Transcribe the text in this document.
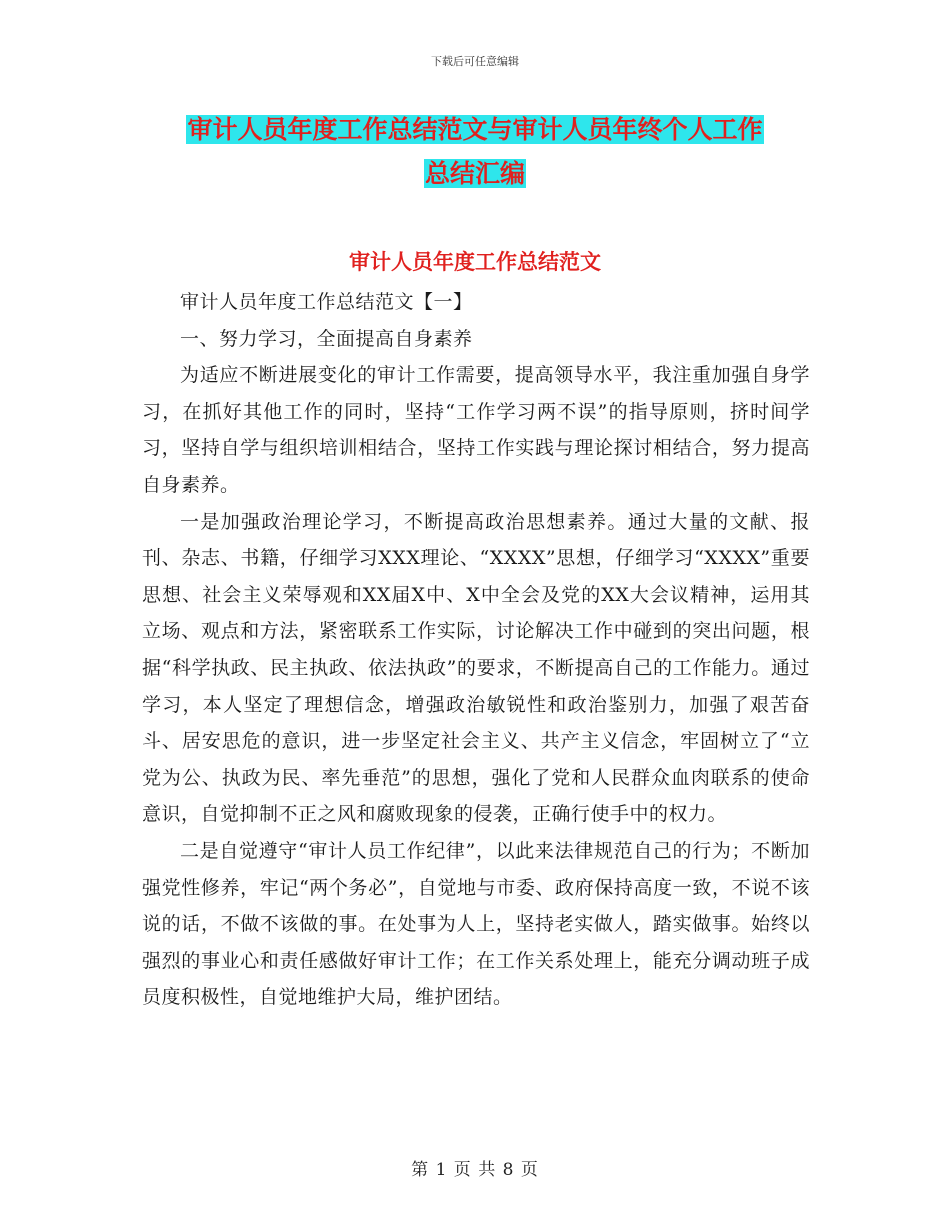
下载后可任意编辑
审计人员年度工作总结范文与审计人员年终个人工作
总结汇编
审计人员年度工作总结范文

审计人员年度工作总结范文【一】

一、努力学习，全面提高自身素养

为适应不断进展变化的审计工作需要，提高领导水平，我注重加强自身学习，在抓好其他工作的同时，坚持“工作学习两不误”的指导原则，挤时间学习，坚持自学与组织培训相结合，坚持工作实践与理论探讨相结合，努力提高自身素养。

一是加强政治理论学习，不断提高政治思想素养。通过大量的文献、报刊、杂志、书籍，仔细学习XXX理论、“XXXX”思想，仔细学习“XXXX”重要思想、社会主义荣辱观和XX届X中、X中全会及党的XX大会议精神，运用其立场、观点和方法，紧密联系工作实际，讨论解决工作中碰到的突出问题，根据“科学执政、民主执政、依法执政”的要求，不断提高自己的工作能力。通过学习，本人坚定了理想信念，增强政治敏锐性和政治鉴别力，加强了艰苦奋斗、居安思危的意识，进一步坚定社会主义、共产主义信念，牢固树立了“立党为公、执政为民、率先垂范”的思想，强化了党和人民群众血肉联系的使命意识，自觉抑制不正之风和腐败现象的侵袭，正确行使手中的权力。

二是自觉遵守“审计人员工作纪律”，以此来法律规范自己的行为；不断加强党性修养，牢记“两个务必”，自觉地与市委、政府保持高度一致，不说不该说的话，不做不该做的事。在处事为人上，坚持老实做人，踏实做事。始终以强烈的事业心和责任感做好审计工作；在工作关系处理上，能充分调动班子成员度积极性，自觉地维护大局，维护团结。

第 1 页 共 8 页
